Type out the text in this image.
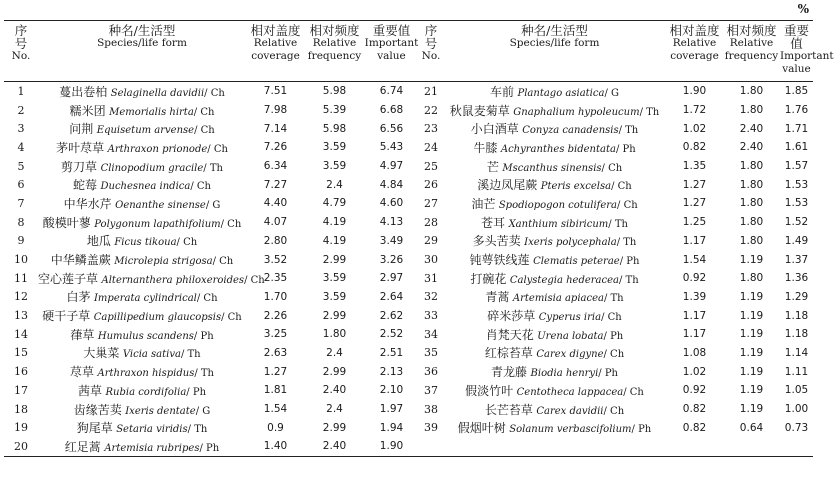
%
序号
No.	种名/生活型
Species/life form	相对盖度
Relative
coverage	相对频度
Relative
frequency	重要值
Important
value	序号
No.	种名/生活型
Species/life form	相对盖度
Relative
coverage	相对频度
Relative
frequency	重要值
Important
value
1	蔓出卷柏 Selaginella davidii/ Ch	7.51	5.98	6.74	21	车前 Plantago asiatica/ G	1.90	1.80	1.85
2	糯米团 Memorialis hirta/ Ch	7.98	5.39	6.68	22	秋鼠麦菊草 Gnaphalium hypoleucum/ Th	1.72	1.80	1.76
3	问荆 Equisetum arvense/ Ch	7.14	5.98	6.56	23	小白酒草 Conyza canadensis/ Th	1.02	2.40	1.71
4	茅叶荩草 Arthraxon prionode/ Ch	7.26	3.59	5.43	24	牛膝 Achyranthes bidentata/ Ph	0.82	2.40	1.61
5	剪刀草 Clinopodium gracile/ Th	6.34	3.59	4.97	25	芒 Mscanthus sinensis/ Ch	1.35	1.80	1.57
6	蛇莓 Duchesnea indica/ Ch	7.27	2.4	4.84	26	溪边凤尾蕨 Pteris excelsa/ Ch	1.27	1.80	1.53
7	中华水芹 Oenanthe sinense/ G	4.40	4.79	4.60	27	油芒 Spodiopogon cotulifera/ Ch	1.27	1.80	1.53
8	酸模叶蓼 Polygonum lapathifolium/ Ch	4.07	4.19	4.13	28	苍耳 Xanthium sibiricum/ Th	1.25	1.80	1.52
9	地瓜 Ficus tikoua/ Ch	2.80	4.19	3.49	29	多头苦荬 Ixeris polycephala/ Th	1.17	1.80	1.49
10	中华鳞盖蕨 Microlepia strigosa/ Ch	3.52	2.99	3.26	30	钝萼铁线莲 Clematis peterae/ Ph	1.54	1.19	1.37
11	空心莲子草 Alternanthera philoxeroides/ Ch	2.35	3.59	2.97	31	打碗花 Calystegia hederacea/ Th	0.92	1.80	1.36
12	白茅 Imperata cylindrical/ Ch	1.70	3.59	2.64	32	青蒿 Artemisia apiacea/ Th	1.39	1.19	1.29
13	硬干子草 Capillipedium glaucopsis/ Ch	2.26	2.99	2.62	33	碎米莎草 Cyperus iria/ Ch	1.17	1.19	1.18
14	葎草 Humulus scandens/ Ph	3.25	1.80	2.52	34	肖梵天花 Urena lobata/ Ph	1.17	1.19	1.18
15	大巢菜 Vicia sativa/ Th	2.63	2.4	2.51	35	红棕苔草 Carex digyne/ Ch	1.08	1.19	1.14
16	荩草 Arthraxon hispidus/ Th	1.27	2.99	2.13	36	青龙藤 Biodia henryi/ Ph	1.02	1.19	1.11
17	茜草 Rubia cordifolia/ Ph	1.81	2.40	2.10	37	假淡竹叶 Centotheca lappacea/ Ch	0.92	1.19	1.05
18	齿缘苦荬 Ixeris dentate/ G	1.54	2.4	1.97	38	长芒苔草 Carex davidii/ Ch	0.82	1.19	1.00
19	狗尾草 Setaria viridis/ Th	0.9	2.99	1.94	39	假烟叶树 Solanum verbascifolium/ Ph	0.82	0.64	0.73
20	红足蒿 Artemisia rubripes/ Ph	1.40	2.40	1.90					
